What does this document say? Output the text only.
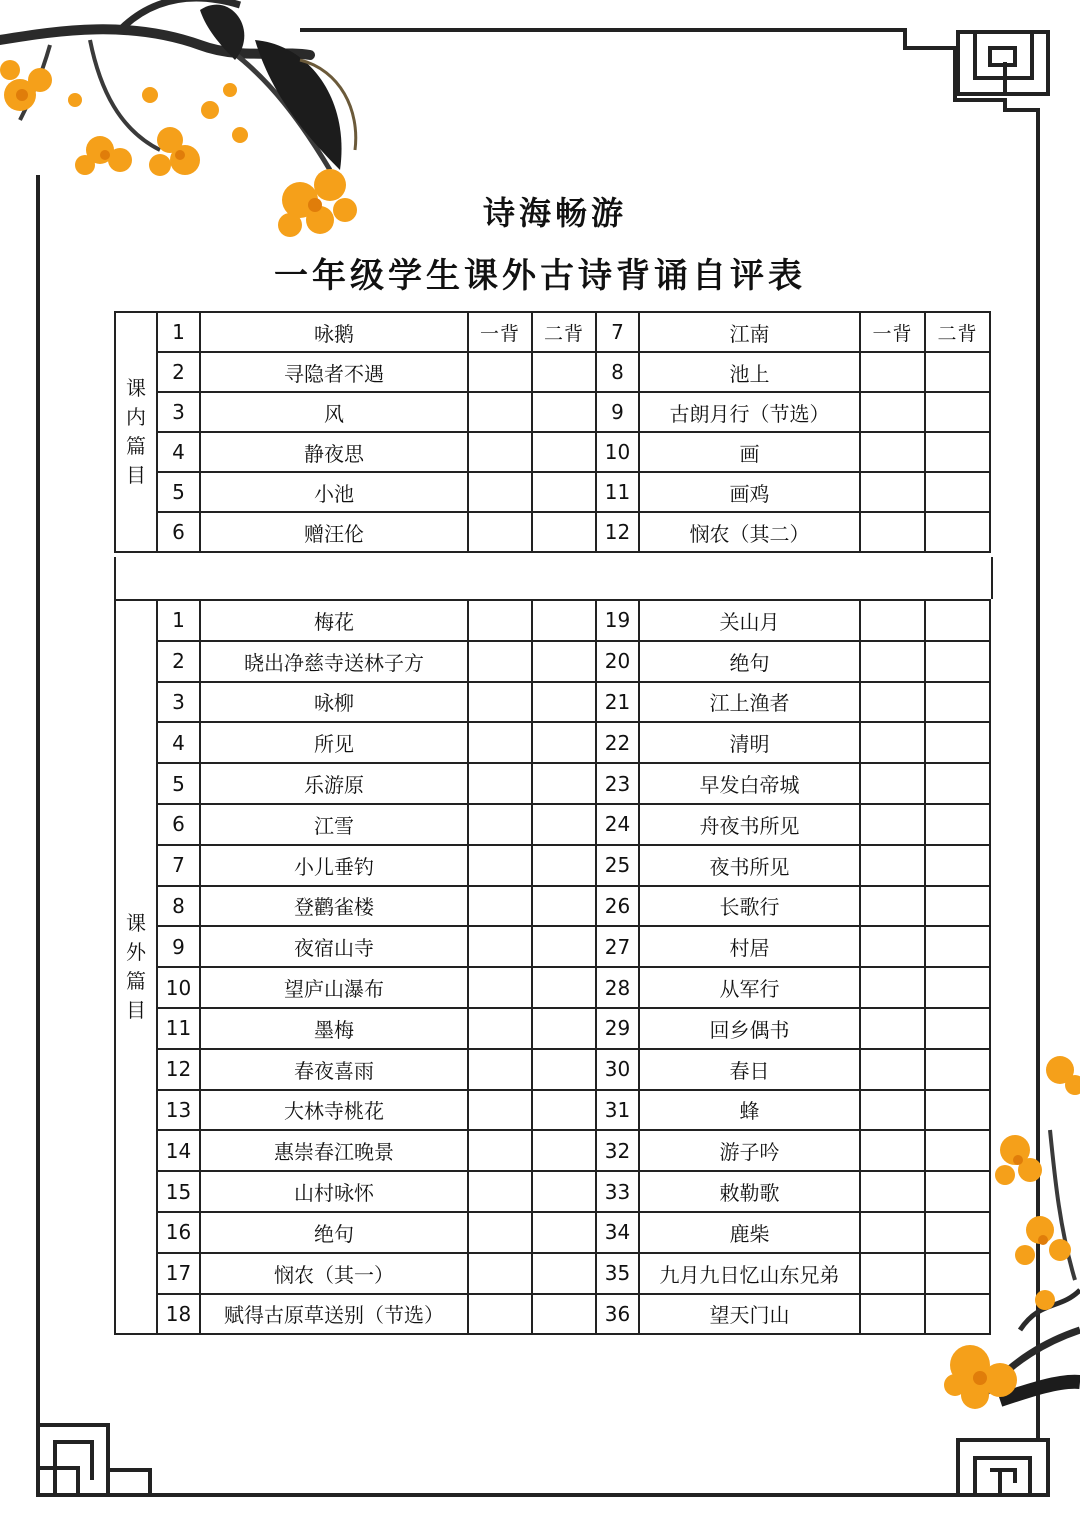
诗海畅游
一年级学生课外古诗背诵自评表
课
内
篇
目	1	咏鹅	一背	二背	7	江南	一背	二背
	2	寻隐者不遇			8	池上		
	3	风			9	古朗月行（节选）		
	4	静夜思			10	画		
	5	小池			11	画鸡		
	6	赠汪伦			12	悯农（其二）		
课
外
篇
目	1	梅花			19	关山月		
	2	晓出净慈寺送林子方			20	绝句		
	3	咏柳			21	江上渔者		
	4	所见			22	清明		
	5	乐游原			23	早发白帝城		
	6	江雪			24	舟夜书所见		
	7	小儿垂钓			25	夜书所见		
	8	登鹳雀楼			26	长歌行		
	9	夜宿山寺			27	村居		
	10	望庐山瀑布			28	从军行		
	11	墨梅			29	回乡偶书		
	12	春夜喜雨			30	春日		
	13	大林寺桃花			31	蜂		
	14	惠崇春江晚景			32	游子吟		
	15	山村咏怀			33	敕勒歌		
	16	绝句			34	鹿柴		
	17	悯农（其一）			35	九月九日忆山东兄弟		
	18	赋得古原草送别（节选）			36	望天门山		
